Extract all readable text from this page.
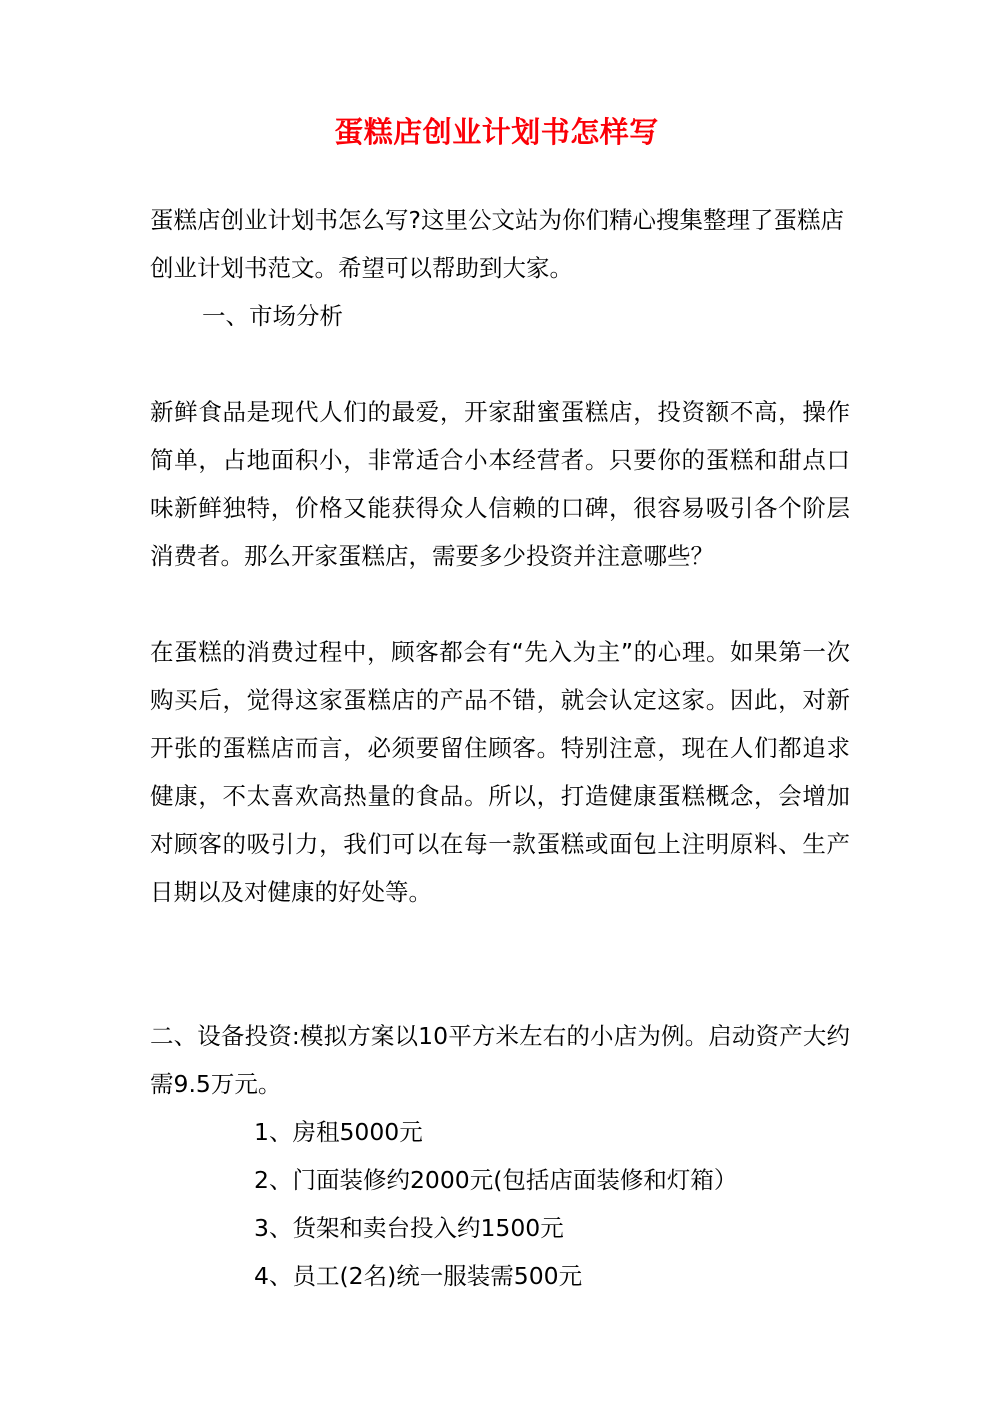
蛋糕店创业计划书怎样写

蛋糕店创业计划书怎么写?这里公文站为你们精心搜集整理了蛋糕店创业计划书范文。希望可以帮助到大家。

一、市场分析

新鲜食品是现代人们的最爱，开家甜蜜蛋糕店，投资额不高，操作简单，占地面积小，非常适合小本经营者。只要你的蛋糕和甜点口味新鲜独特，价格又能获得众人信赖的口碑，很容易吸引各个阶层消费者。那么开家蛋糕店，需要多少投资并注意哪些？

在蛋糕的消费过程中，顾客都会有“先入为主”的心理。如果第一次购买后，觉得这家蛋糕店的产品不错，就会认定这家。因此，对新开张的蛋糕店而言，必须要留住顾客。特别注意，现在人们都追求健康，不太喜欢高热量的食品。所以，打造健康蛋糕概念，会增加对顾客的吸引力，我们可以在每一款蛋糕或面包上注明原料、生产日期以及对健康的好处等。

二、设备投资:模拟方案以10平方米左右的小店为例。启动资产大约需9.5万元。

1、房租5000元
2、门面装修约2000元(包括店面装修和灯箱）
3、货架和卖台投入约1500元
4、员工(2名)统一服装需500元
